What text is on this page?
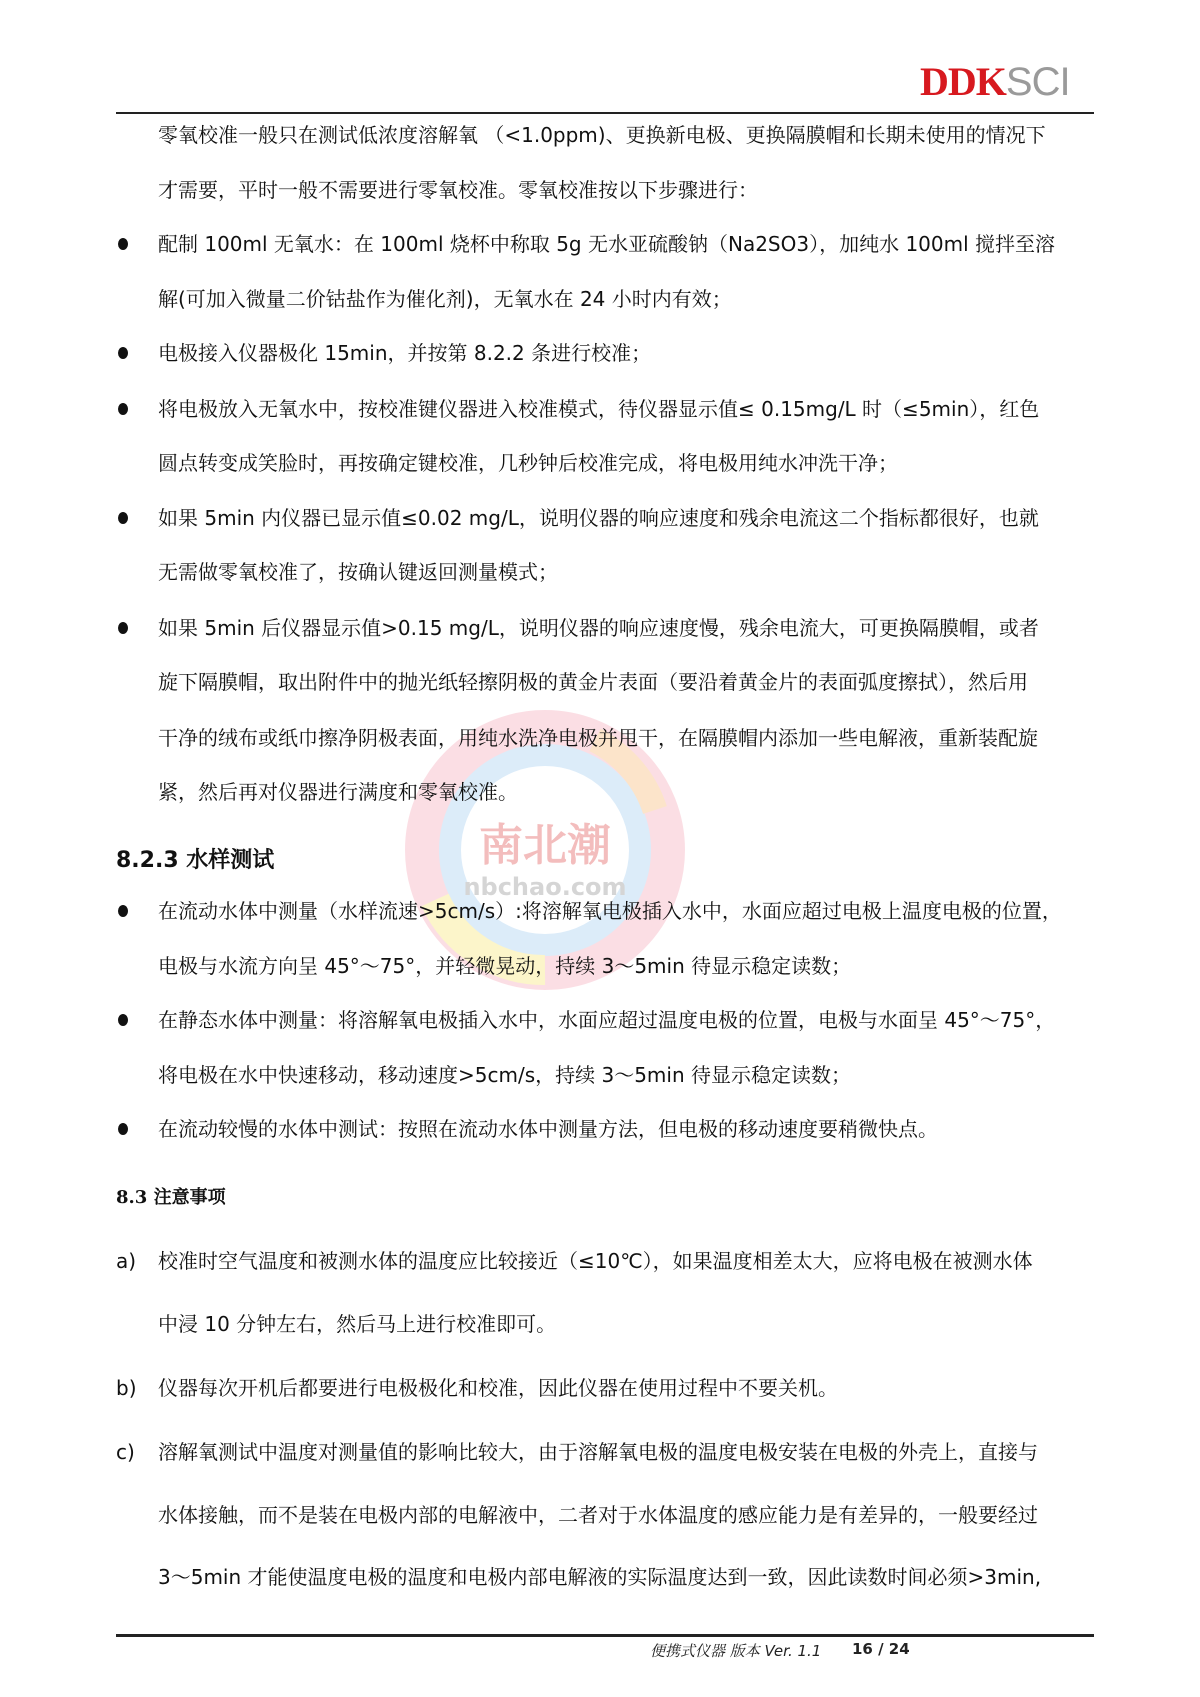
DDKSCI
南北潮
nbchao.com
零氧校准一般只在测试低浓度溶解氧 （<1.0ppm)、更换新电极、更换隔膜帽和长期未使用的情况下
才需要，平时一般不需要进行零氧校准。零氧校准按以下步骤进行：
配制 100ml 无氧水：在 100ml 烧杯中称取 5g 无水亚硫酸钠（Na2SO3），加纯水 100ml 搅拌至溶
解(可加入微量二价钴盐作为催化剂)，无氧水在 24 小时内有效；
电极接入仪器极化 15min，并按第 8.2.2 条进行校准；
将电极放入无氧水中，按校准键仪器进入校准模式，待仪器显示值≤ 0.15mg/L 时（≤5min），红色
圆点转变成笑脸时，再按确定键校准，几秒钟后校准完成，将电极用纯水冲洗干净；
如果 5min 内仪器已显示值≤0.02 mg/L，说明仪器的响应速度和残余电流这二个指标都很好，也就
无需做零氧校准了，按确认键返回测量模式；
如果 5min 后仪器显示值>0.15 mg/L，说明仪器的响应速度慢，残余电流大，可更换隔膜帽，或者
旋下隔膜帽，取出附件中的抛光纸轻擦阴极的黄金片表面（要沿着黄金片的表面弧度擦拭），然后用
干净的绒布或纸巾擦净阴极表面，用纯水洗净电极并甩干，在隔膜帽内添加一些电解液，重新装配旋
紧，然后再对仪器进行满度和零氧校准。
8.2.3 水样测试
在流动水体中测量（水样流速>5cm/s）:将溶解氧电极插入水中，水面应超过电极上温度电极的位置，
电极与水流方向呈 45°～75°，并轻微晃动，持续 3～5min 待显示稳定读数；
在静态水体中测量：将溶解氧电极插入水中，水面应超过温度电极的位置，电极与水面呈 45°～75°，
将电极在水中快速移动，移动速度>5cm/s，持续 3～5min 待显示稳定读数；
在流动较慢的水体中测试：按照在流动水体中测量方法，但电极的移动速度要稍微快点。
8.3 注意事项
a) 校准时空气温度和被测水体的温度应比较接近（≤10℃），如果温度相差太大，应将电极在被测水体
中浸 10 分钟左右，然后马上进行校准即可。
b) 仪器每次开机后都要进行电极极化和校准，因此仪器在使用过程中不要关机。
c) 溶解氧测试中温度对测量值的影响比较大，由于溶解氧电极的温度电极安装在电极的外壳上，直接与
水体接触，而不是装在电极内部的电解液中，二者对于水体温度的感应能力是有差异的，一般要经过
3～5min 才能使温度电极的温度和电极内部电解液的实际温度达到一致，因此读数时间必须>3min,
便携式仪器 版本 Ver. 1.1 16 / 24
